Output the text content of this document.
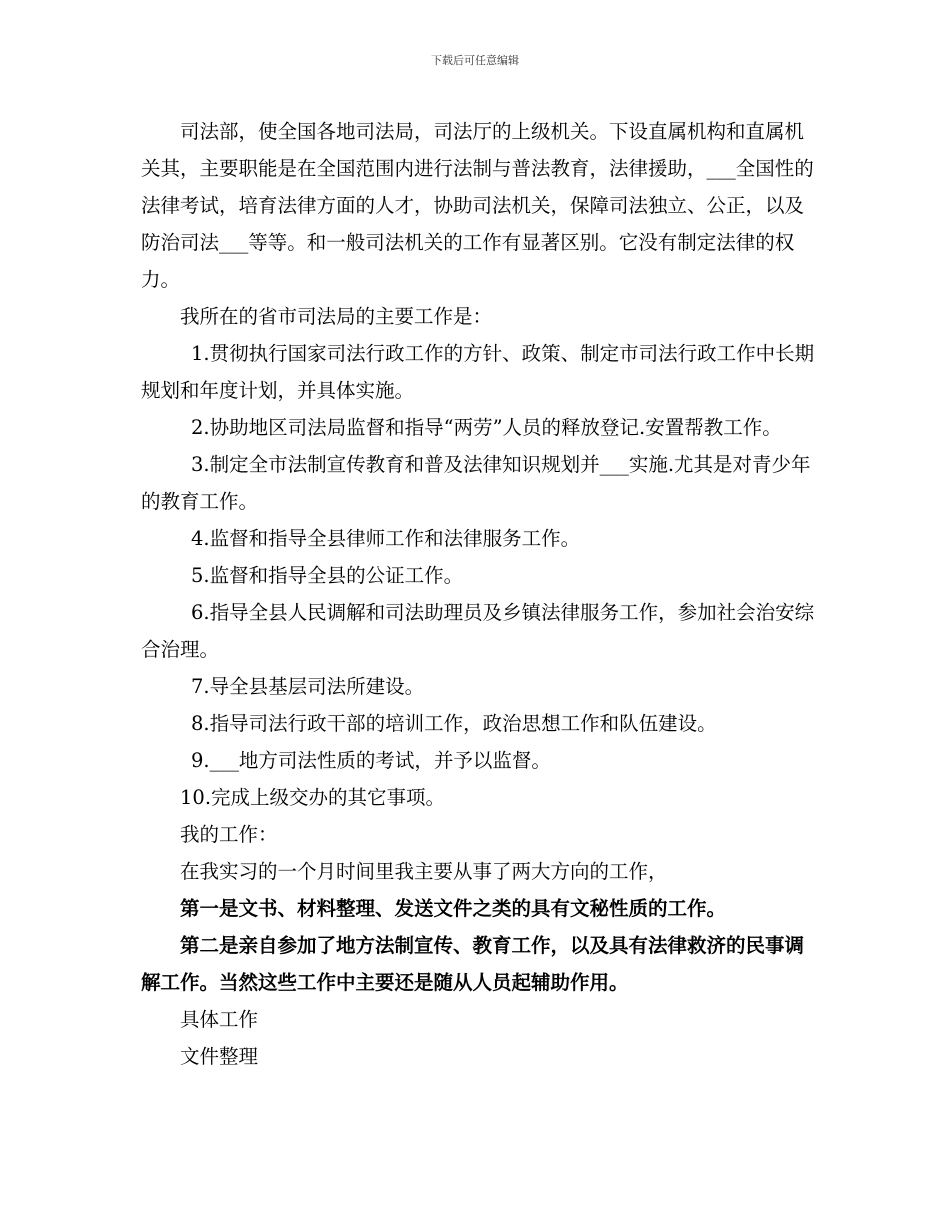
下载后可任意编辑

司法部，使全国各地司法局，司法厅的上级机关。下设直属机构和直属机关其，主要职能是在全国范围内进行法制与普法教育，法律援助，___全国性的法律考试，培育法律方面的人才，协助司法机关，保障司法独立、公正，以及防治司法___等等。和一般司法机关的工作有显著区别。它没有制定法律的权力。

我所在的省市司法局的主要工作是：

1.贯彻执行国家司法行政工作的方针、政策、制定市司法行政工作中长期规划和年度计划，并具体实施。

2.协助地区司法局监督和指导“两劳”人员的释放登记.安置帮教工作。

3.制定全市法制宣传教育和普及法律知识规划并___实施.尤其是对青少年的教育工作。

4.监督和指导全县律师工作和法律服务工作。

5.监督和指导全县的公证工作。

6.指导全县人民调解和司法助理员及乡镇法律服务工作，参加社会治安综合治理。

7.导全县基层司法所建设。

8.指导司法行政干部的培训工作，政治思想工作和队伍建设。

9.___地方司法性质的考试，并予以监督。

10.完成上级交办的其它事项。

我的工作：

在我实习的一个月时间里我主要从事了两大方向的工作，

第一是文书、材料整理、发送文件之类的具有文秘性质的工作。

第二是亲自参加了地方法制宣传、教育工作，以及具有法律救济的民事调解工作。当然这些工作中主要还是随从人员起辅助作用。

具体工作

文件整理
